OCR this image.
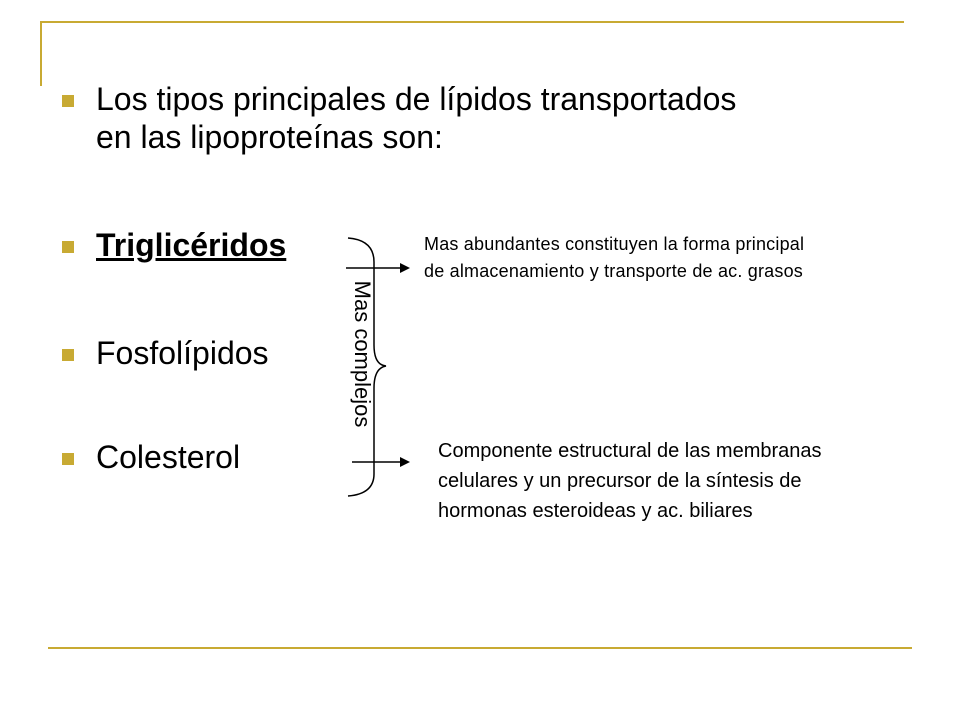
Los tipos principales de lípidos transportados
en las lipoproteínas son:
Triglicéridos
Fosfolípidos
Colesterol
Mas complejos
Mas abundantes constituyen la forma principal
de almacenamiento y transporte de ac. grasos
Componente estructural de las membranas
celulares y un precursor de la síntesis de
hormonas esteroideas y ac. biliares
